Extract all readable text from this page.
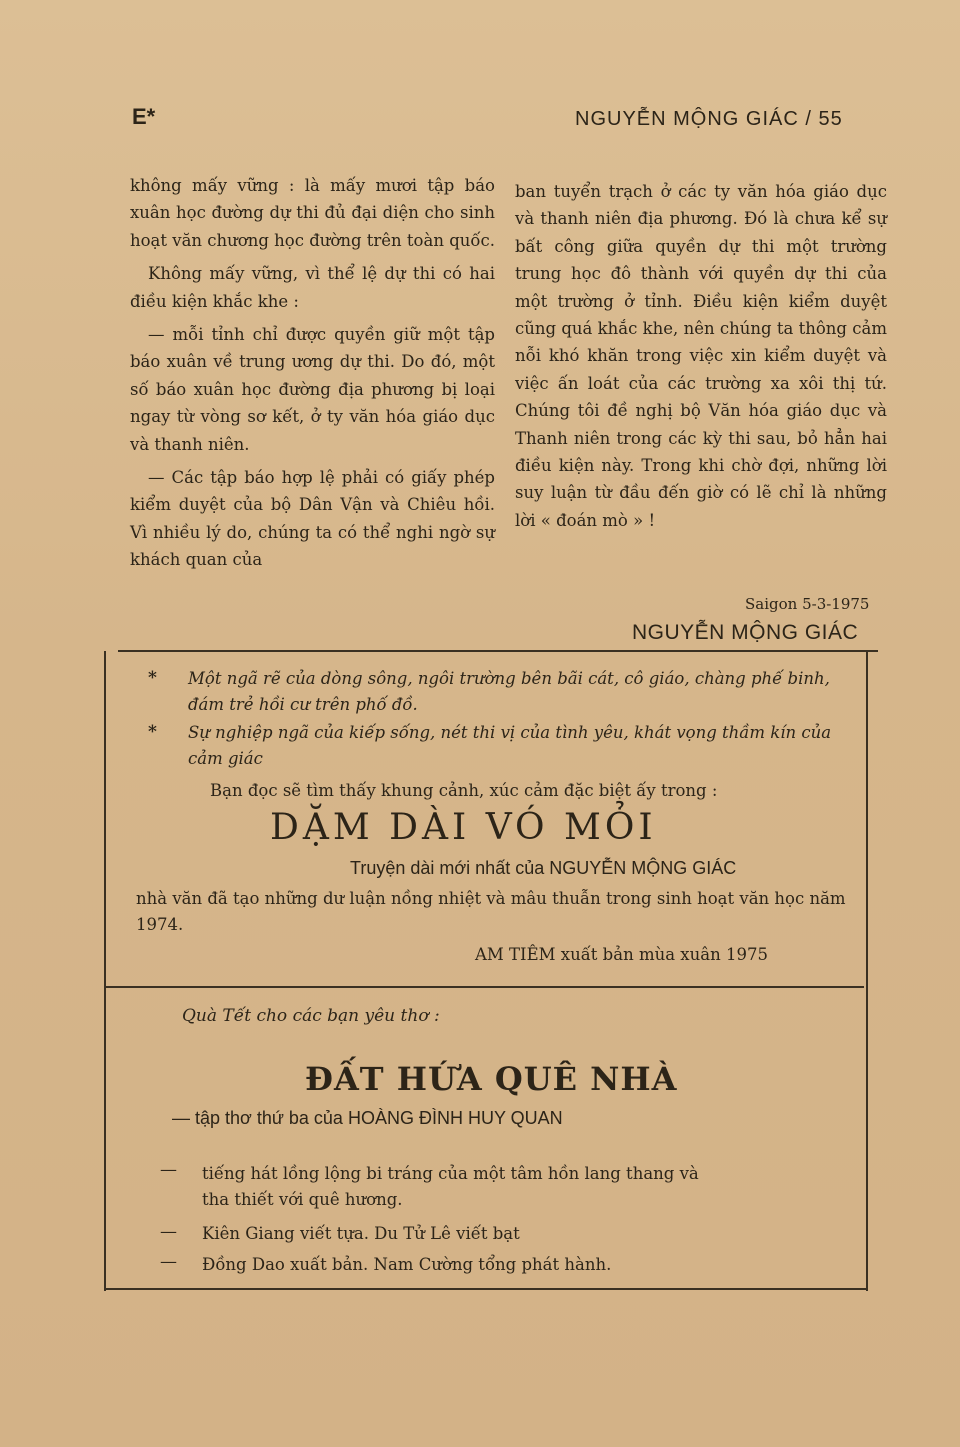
E*	NGUYỄN MỘNG GIÁC / 55

không mấy vững : là mấy mươi tập báo xuân học đường dự thi đủ đại diện cho sinh hoạt văn chương học đường trên toàn quốc.

Không mấy vững, vì thể lệ dự thi có hai điều kiện khắc khe :

— mỗi tỉnh chỉ được quyền giữ một tập báo xuân về trung ương dự thi. Do đó, một số báo xuân học đường địa phương bị loại ngay từ vòng sơ kết, ở ty văn hóa giáo dục và thanh niên.

— Các tập báo hợp lệ phải có giấy phép kiểm duyệt của bộ Dân Vận và Chiêu hồi. Vì nhiều lý do, chúng ta có thể nghi ngờ sự khách quan của

ban tuyển trạch ở các ty văn hóa giáo dục và thanh niên địa phương. Đó là chưa kể sự bất công giữa quyền dự thi một trường trung học đô thành với quyền dự thi của một trường ở tỉnh. Điều kiện kiểm duyệt cũng quá khắc khe, nên chúng ta thông cảm nỗi khó khăn trong việc xin kiểm duyệt và việc ấn loát của các trường xa xôi thị tứ. Chúng tôi đề nghị bộ Văn hóa giáo dục và Thanh niên trong các kỳ thi sau, bỏ hẳn hai điều kiện này. Trong khi chờ đợi, những lời suy luận từ đầu đến giờ có lẽ chỉ là những lời « đoán mò » !

Saigon 5-3-1975
NGUYỄN MỘNG GIÁC
* Một ngã rẽ của dòng sông, ngôi trường bên bãi cát, cô giáo, chàng phế binh, đám trẻ hồi cư trên phố đồ.
* Sự nghiệp ngã của kiếp sống, nét thi vị của tình yêu, khát vọng thầm kín của cảm giác
Bạn đọc sẽ tìm thấy khung cảnh, xúc cảm đặc biệt ấy trong :
DẶM DÀI VÓ MỎI
Truyện dài mới nhất của NGUYỄN MỘNG GIÁC
nhà văn đã tạo những dư luận nồng nhiệt và mâu thuẫn trong sinh hoạt văn học năm 1974.
AM TIÊM xuất bản mùa xuân 1975
Quà Tết cho các bạn yêu thơ :
ĐẤT HỨA QUÊ NHÀ
— tập thơ thứ ba của HOÀNG ĐÌNH HUY QUAN
— tiếng hát lồng lộng bi tráng của một tâm hồn lang thang và
tha thiết với quê hương.
— Kiên Giang viết tựa. Du Tử Lê viết bạt
— Đồng Dao xuất bản. Nam Cường tổng phát hành.
